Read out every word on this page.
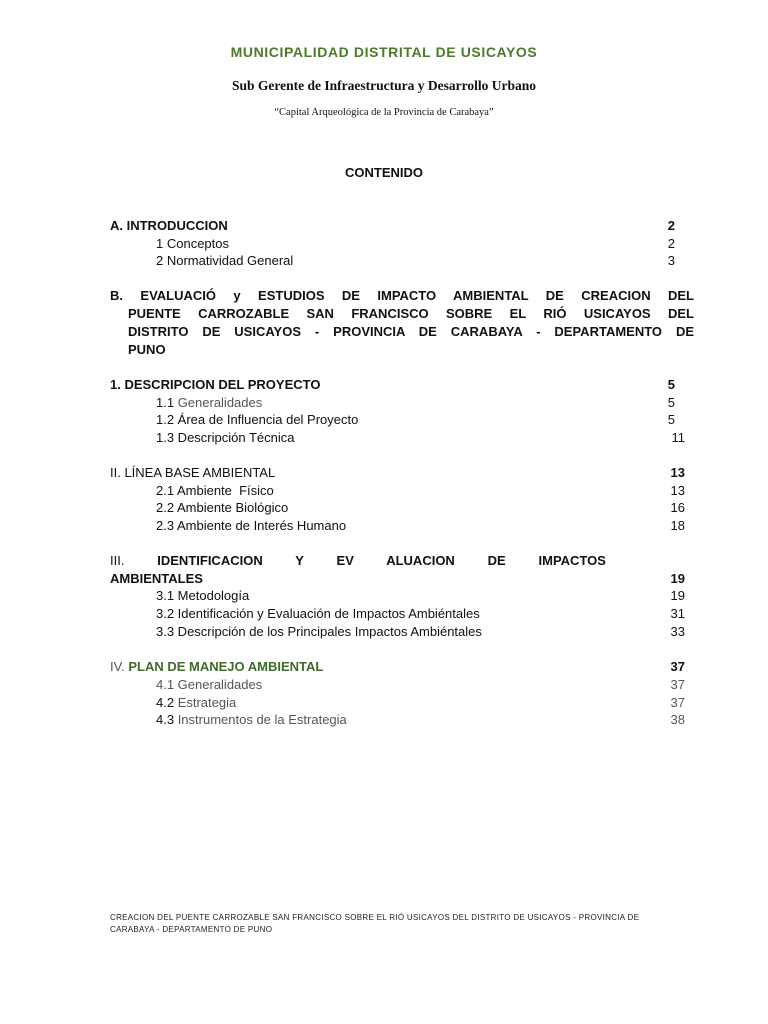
MUNICIPALIDAD DISTRITAL DE USICAYOS
Sub Gerente de Infraestructura y Desarrollo Urbano
“Capital Arqueológica de la Provincia de Carabaya”
CONTENIDO
A. INTRODUCCION	2
1 Conceptos	2
2 Normatividad General	3
B. EVALUACIÓ y ESTUDIOS DE IMPACTO AMBIENTAL DE CREACION DEL
PUENTE CARROZABLE SAN FRANCISCO SOBRE EL RIÓ USICAYOS DEL
DISTRITO DE USICAYOS - PROVINCIA DE CARABAYA - DEPARTAMENTO DE
PUNO
1. DESCRIPCION DEL PROYECTO	5
1.1 Generalidades	5
1.2 Área de Influencia del Proyecto	5
1.3 Descripción Técnica	11
II. LÍNEA BASE AMBIENTAL	13
2.1 Ambiente  Físico	13
2.2 Ambiente Biológico	16
2.3 Ambiente de Interés Humano	18
III.	IDENTIFICACION	Y	EV ALUACION	DE	IMPACTOS
AMBIENTALES	19
3.1 Metodología	19
3.2 Identificación y Evaluación de Impactos Ambiéntales	31
3.3 Descripción de los Principales Impactos Ambiéntales	33
IV. PLAN DE MANEJO AMBIENTAL	37
4.1 Generalidades	37
4.2 Estrategia	37
4.3 Instrumentos de la Estrategia	38
CREACION DEL PUENTE CARROZABLE SAN FRANCISCO SOBRE EL RIÓ USICAYOS DEL DISTRITO DE USICAYOS - PROVINCIA DE
CARABAYA - DEPARTAMENTO DE PUNO
